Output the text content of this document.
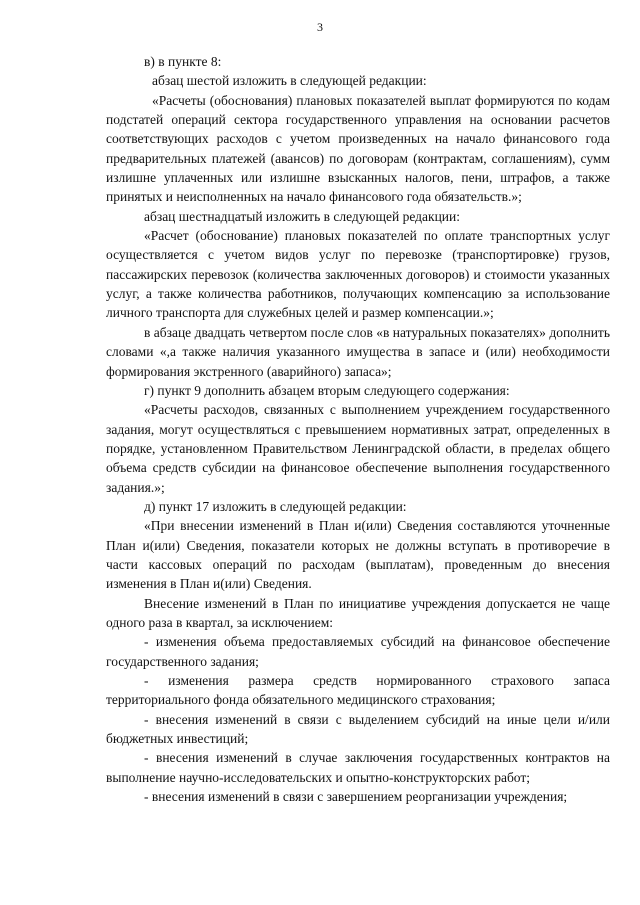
3

в) в пункте 8:

абзац шестой изложить в следующей редакции:

«Расчеты (обоснования) плановых показателей выплат формируются по кодам подстатей операций сектора государственного управления на основании расчетов соответствующих расходов с учетом произведенных на начало финансового года предварительных платежей (авансов) по договорам (контрактам, соглашениям), сумм излишне уплаченных или излишне взысканных налогов, пени, штрафов, а также принятых и неисполненных на начало финансового года обязательств.»;

абзац шестнадцатый изложить в следующей редакции:

«Расчет (обоснование) плановых показателей по оплате транспортных услуг осуществляется с учетом видов услуг по перевозке (транспортировке) грузов, пассажирских перевозок (количества заключенных договоров) и стоимости указанных услуг, а также количества работников, получающих компенсацию за использование личного транспорта для служебных целей и размер компенсации.»;

в абзаце двадцать четвертом после слов «в натуральных показателях» дополнить словами «,а также наличия указанного имущества в запасе и (или) необходимости формирования экстренного (аварийного) запаса»;

г) пункт 9 дополнить абзацем вторым следующего содержания:

«Расчеты расходов, связанных с выполнением учреждением государственного задания, могут осуществляться с превышением нормативных затрат, определенных в порядке, установленном Правительством Ленинградской области, в пределах общего объема средств субсидии на финансовое обеспечение выполнения государственного задания.»;

д) пункт 17 изложить в следующей редакции:

«При внесении изменений в План и(или) Сведения составляются уточненные План и(или) Сведения, показатели которых не должны вступать в противоречие в части кассовых операций по расходам (выплатам), проведенным до внесения изменения в План и(или) Сведения.

Внесение изменений в План по инициативе учреждения допускается не чаще одного раза в квартал, за исключением:

- изменения объема предоставляемых субсидий на финансовое обеспечение государственного задания;

- изменения размера средств нормированного страхового запаса территориального фонда обязательного медицинского страхования;

- внесения изменений в связи с выделением субсидий на иные цели и/или бюджетных инвестиций;

- внесения изменений в случае заключения государственных контрактов на выполнение научно-исследовательских и опытно-конструкторских работ;

- внесения изменений в связи с завершением реорганизации учреждения;
